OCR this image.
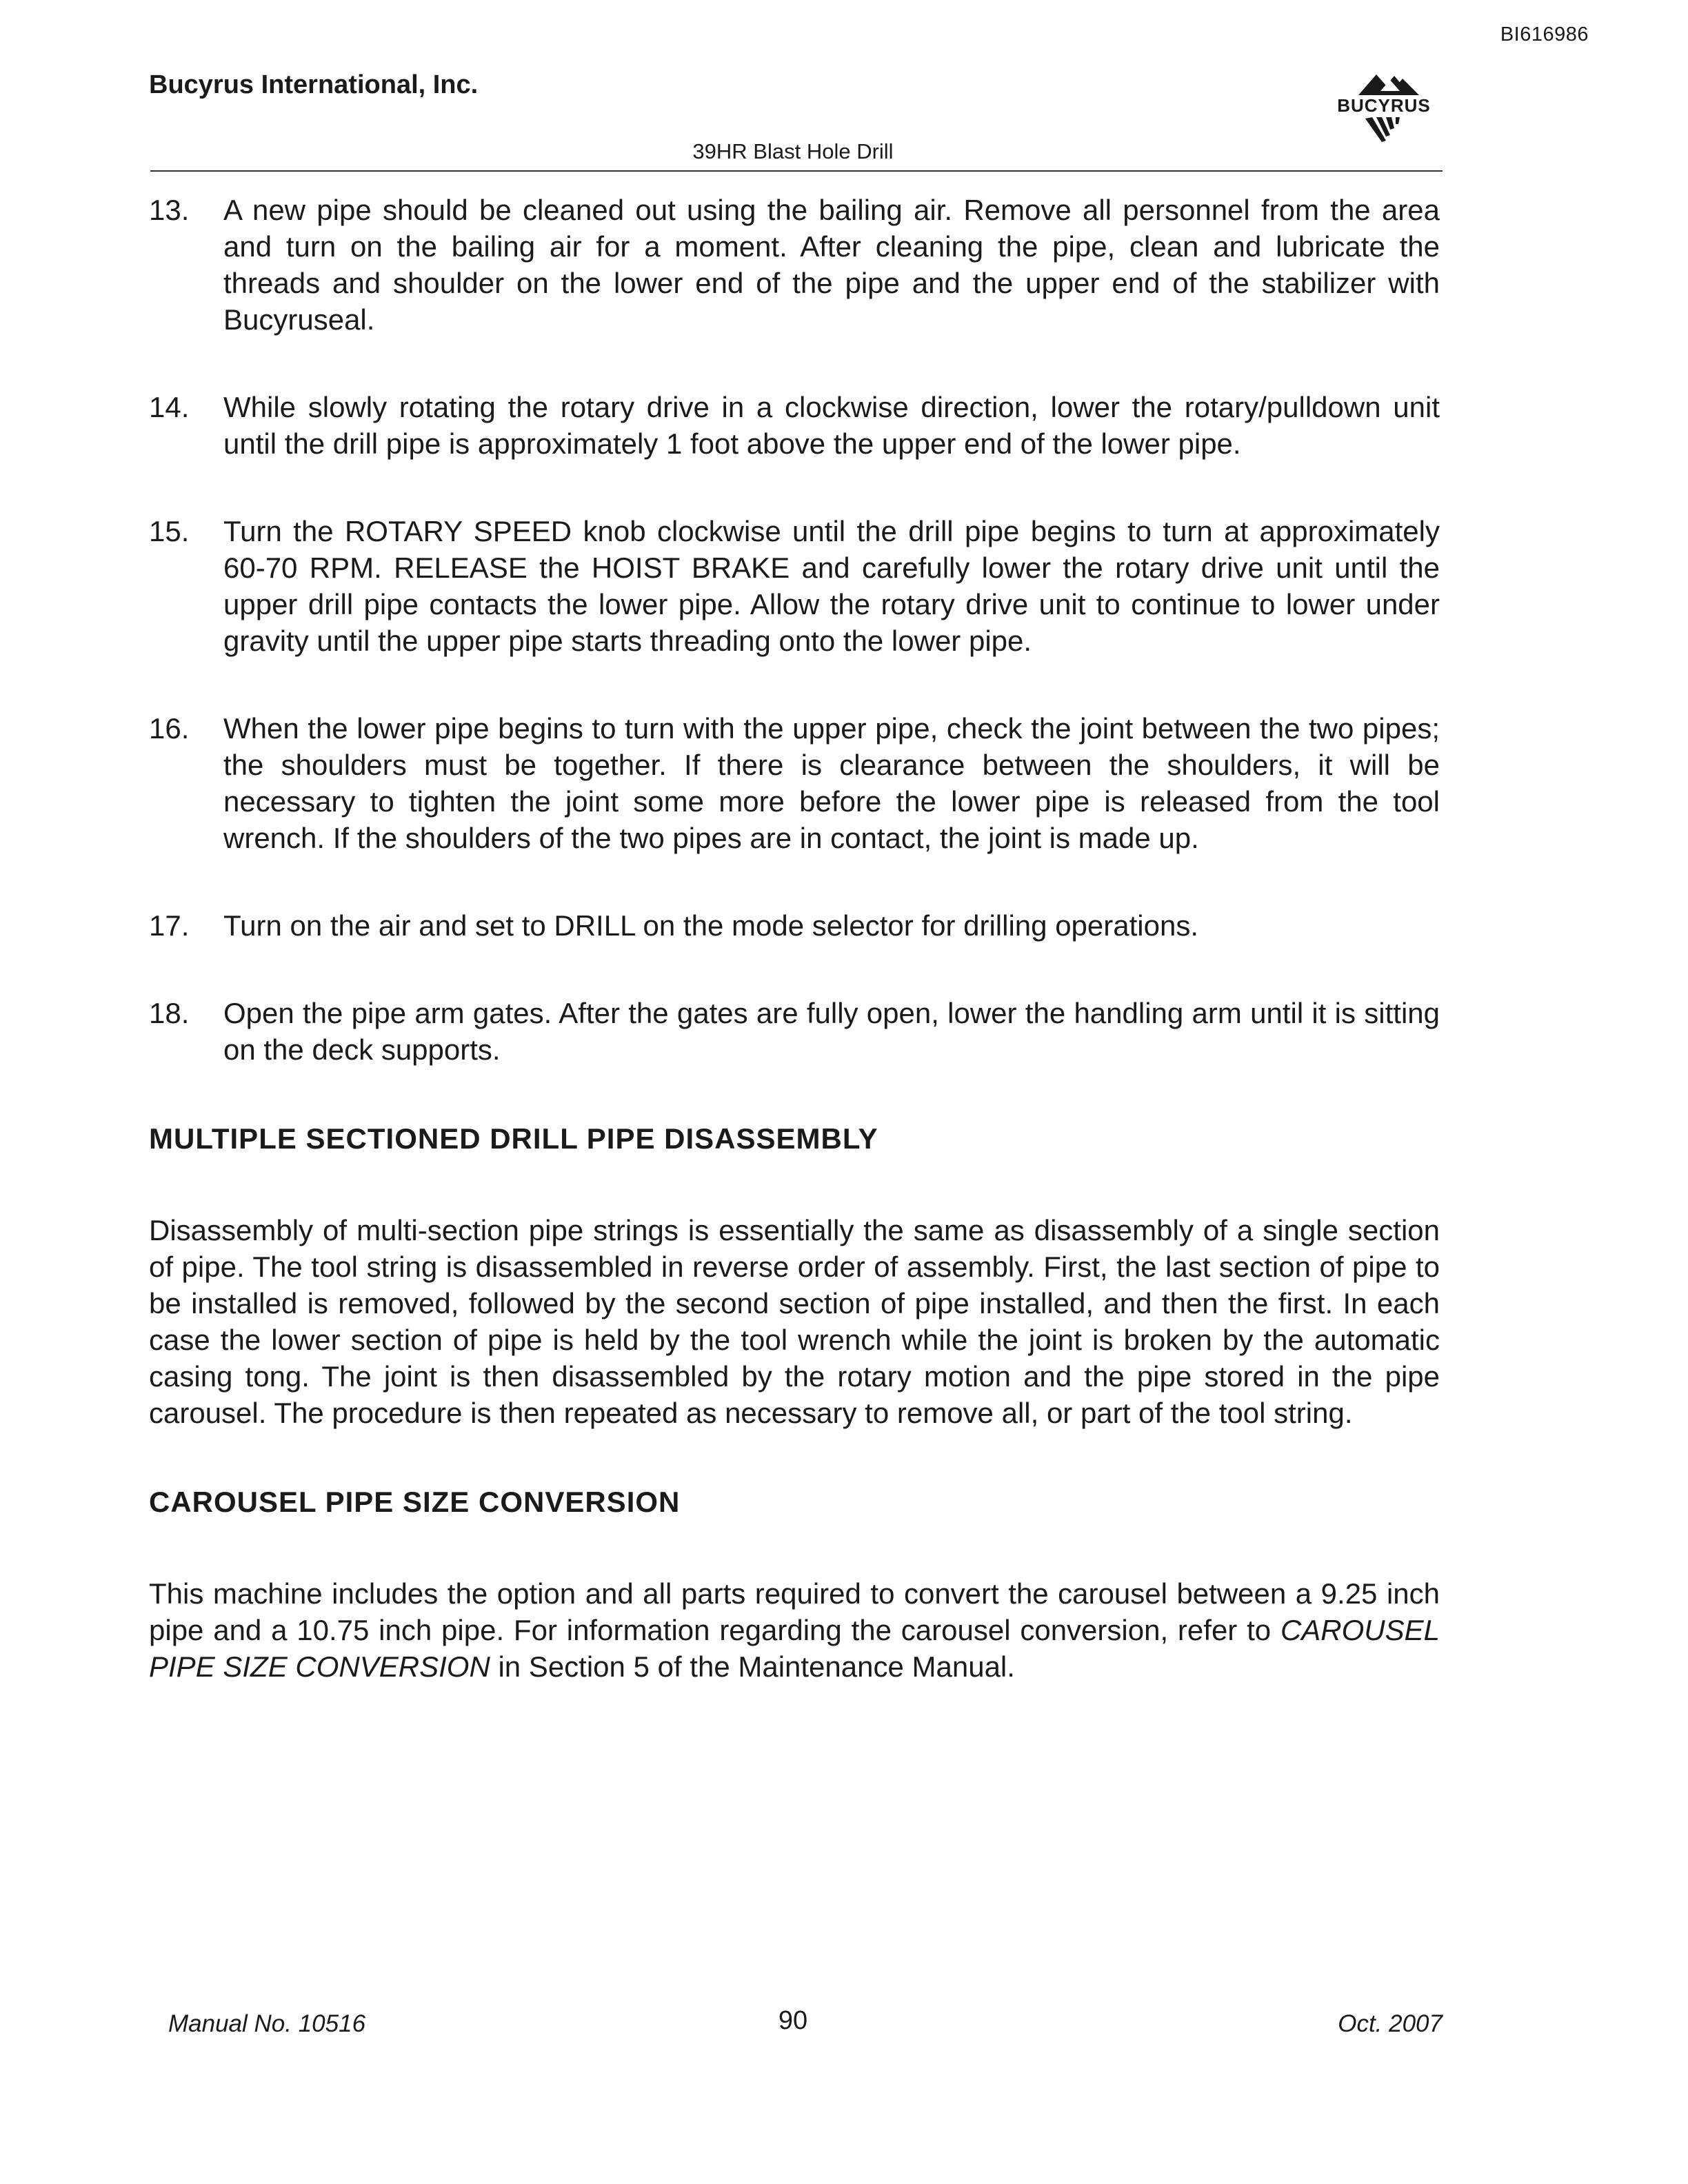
BI616986
Bucyrus International, Inc.
BUCYRUS
39HR Blast Hole Drill
13.	A new pipe should be cleaned out using the bailing air. Remove all personnel from the area and turn on the bailing air for a moment. After cleaning the pipe, clean and lubricate the threads and shoulder on the lower end of the pipe and the upper end of the stabilizer with Bucyruseal.
14.	While slowly rotating the rotary drive in a clockwise direction, lower the rotary/pulldown unit until the drill pipe is approximately 1 foot above the upper end of the lower pipe.
15.	Turn the ROTARY SPEED knob clockwise until the drill pipe begins to turn at approximately 60-70 RPM. RELEASE the HOIST BRAKE and carefully lower the rotary drive unit until the upper drill pipe contacts the lower pipe. Allow the rotary drive unit to continue to lower under gravity until the upper pipe starts threading onto the lower pipe.
16.	When the lower pipe begins to turn with the upper pipe, check the joint between the two pipes; the shoulders must be together. If there is clearance between the shoulders, it will be necessary to tighten the joint some more before the lower pipe is released from the tool wrench. If the shoulders of the two pipes are in contact, the joint is made up.
17.	Turn on the air and set to DRILL on the mode selector for drilling operations.
18.	Open the pipe arm gates. After the gates are fully open, lower the handling arm until it is sitting on the deck supports.
MULTIPLE SECTIONED DRILL PIPE DISASSEMBLY

Disassembly of multi-section pipe strings is essentially the same as disassembly of a single section of pipe. The tool string is disassembled in reverse order of assembly. First, the last section of pipe to be installed is removed, followed by the second section of pipe installed, and then the first. In each case the lower section of pipe is held by the tool wrench while the joint is broken by the automatic casing tong. The joint is then disassembled by the rotary motion and the pipe stored in the pipe carousel. The procedure is then repeated as necessary to remove all, or part of the tool string.

CAROUSEL PIPE SIZE CONVERSION

This machine includes the option and all parts required to convert the carousel between a 9.25 inch pipe and a 10.75 inch pipe. For information regarding the carousel conversion, refer to CAROUSEL PIPE SIZE CONVERSION in Section 5 of the Maintenance Manual.

Manual No. 10516	90	Oct. 2007
